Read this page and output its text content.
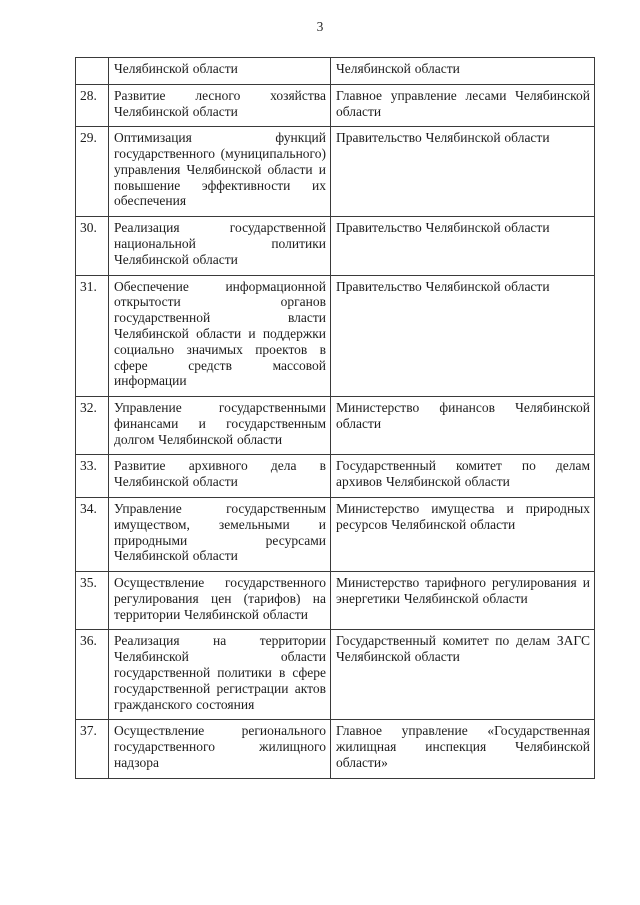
3
	Челябинской области	Челябинской области
28.	Развитие лесного хозяйства Челябинской области	Главное управление лесами Челябинской области
29.	Оптимизация функций государственного (муниципального) управления Челябинской области и повышение эффективности их обеспечения	Правительство Челябинской области
30.	Реализация государственной национальной политики Челябинской области	Правительство Челябинской области
31.	Обеспечение информационной открытости органов государственной власти Челябинской области и поддержки социально значимых проектов в сфере средств массовой информации	Правительство Челябинской области
32.	Управление государственными финансами и государственным долгом Челябинской области	Министерство финансов Челябинской области
33.	Развитие архивного дела в Челябинской области	Государственный комитет по делам архивов Челябинской области
34.	Управление государственным имуществом, земельными и природными ресурсами Челябинской области	Министерство имущества и природных ресурсов Челябинской области
35.	Осуществление государственного регулирования цен (тарифов) на территории Челябинской области	Министерство тарифного регулирования и энергетики Челябинской области
36.	Реализация на территории Челябинской области государственной политики в сфере государственной регистрации актов гражданского состояния	Государственный комитет по делам ЗАГС Челябинской области
37.	Осуществление регионального государственного жилищного надзора	Главное управление «Государственная жилищная инспекция Челябинской области»
